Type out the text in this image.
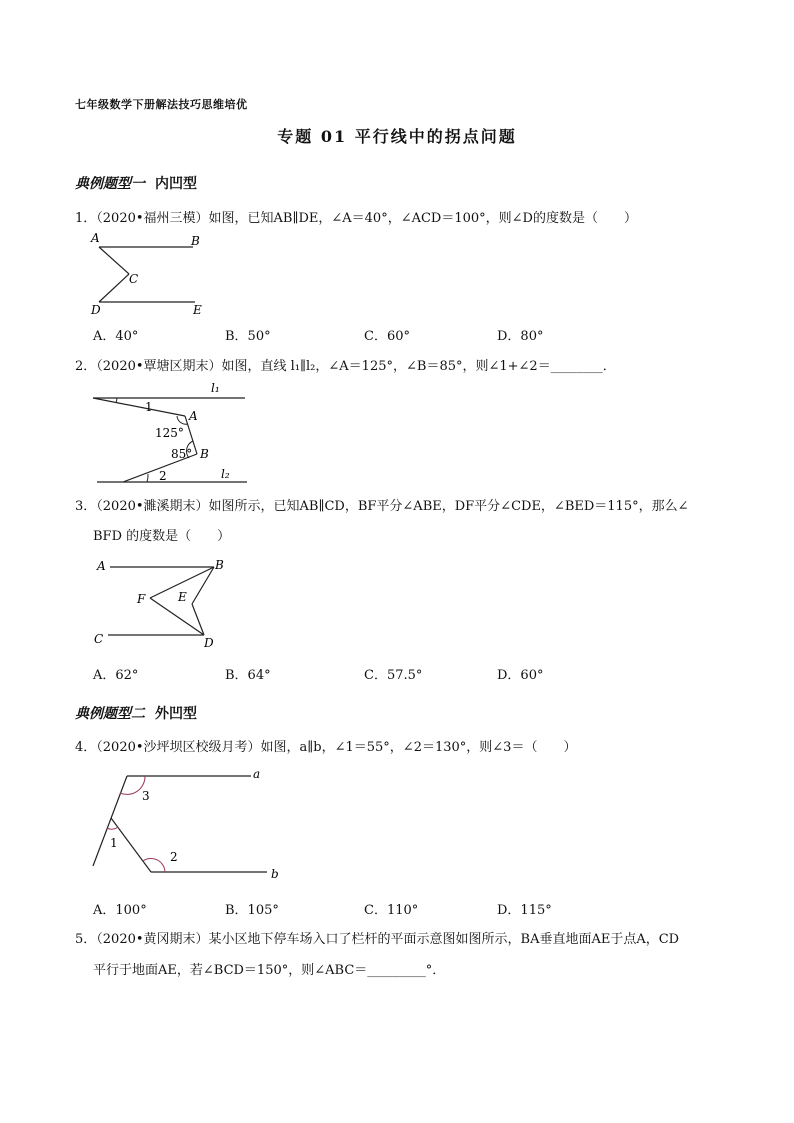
七年级数学下册解法技巧思维培优
专题 01 平行线中的拐点问题
典例题型一 内凹型
1．（2020•福州三模）如图，已知AB∥DE，∠A＝40°，∠ACD＝100°，则∠D的度数是（　　）
A	B
C
D	E
A．40°	B．50°	C．60°	D．80°
2．（2020•覃塘区期末）如图，直线 l₁∥l₂，∠A＝125°，∠B＝85°，则∠1+∠2＝________．
l₁
1
A
125°
85° B
2	l₂
3．（2020•濉溪期末）如图所示，已知AB∥CD，BF平分∠ABE，DF平分∠CDE，∠BED＝115°，那么∠
BFD 的度数是（　　）
A	B
F	E
C	D
A．62°	B．64°	C．57.5°	D．60°
典例题型二 外凹型
4．（2020•沙坪坝区校级月考）如图，a∥b，∠1＝55°，∠2＝130°，则∠3＝（　　）
a
3
1
2
b
A．100°	B．105°	C．110°	D．115°
5．（2020•黄冈期末）某小区地下停车场入口了栏杆的平面示意图如图所示，BA垂直地面AE于点A，CD
平行于地面AE，若∠BCD＝150°，则∠ABC＝_________°．
